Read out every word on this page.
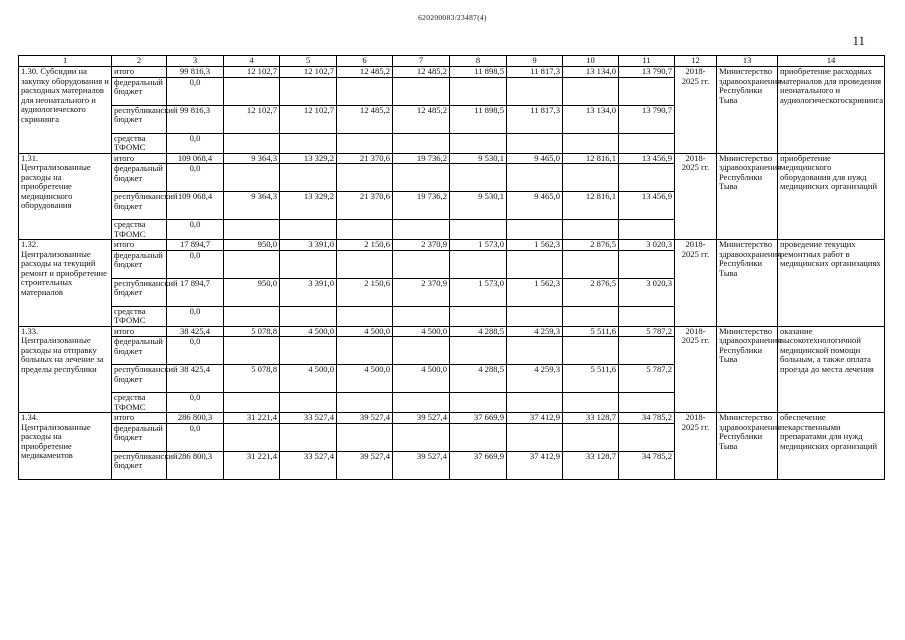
620200083/23487(4)
11
1	2	3	4	5	6	7	8	9	10	11	12	13	14
1.30. Субсидии на закупку оборудования и расходных материалов для неонатального и аудиологического скрининга	итого	99 816,3	12 102,7	12 102,7	12 485,2	12 485,2	11 898,5	11 817,3	13 134,0	13 790,7	2018-2025 гг.	Министерство здравоохранения Республики Тыва	приобретение расходных материалов для проведения неонатального и аудиологическогоскрининга
	федеральный бюджет	0,0											
	республиканский бюджет	99 816,3	12 102,7	12 102,7	12 485,2	12 485,2	11 898,5	11 817,3	13 134,0	13 790,7			
	средства ТФОМС	0,0											
1.31. Централизованные расходы на приобретение медицинского оборудования	итого	109 068,4	9 364,3	13 329,2	21 370,6	19 736,2	9 530,1	9 465,0	12 816,1	13 456,9	2018-2025 гг.	Министерство здравоохранения Республики Тыва	приобретение медицинского оборудования для нужд медицинских организаций
	федеральный бюджет	0,0											
	республиканский бюджет	109 068,4	9 364,3	13 329,2	21 370,6	19 736,2	9 530,1	9 465,0	12 816,1	13 456,9			
	средства ТФОМС	0,0											
1.32. Централизованные расходы на текущий ремонт и приобретение строительных материалов	итого	17 894,7	950,0	3 391,0	2 150,6	2 370,9	1 573,0	1 562,3	2 876,5	3 020,3	2018-2025 гг.	Министерство здравоохранения Республики Тыва	проведение текущих ремонтных работ в медицинских организациях
	федеральный бюджет	0,0											
	республиканский бюджет	17 894,7	950,0	3 391,0	2 150,6	2 370,9	1 573,0	1 562,3	2 876,5	3 020,3			
	средства ТФОМС	0,0											
1.33. Централизованные расходы на отправку больных на лечение за пределы республики	итого	38 425,4	5 078,8	4 500,0	4 500,0	4 500,0	4 288,5	4 259,3	5 511,6	5 787,2	2018-2025 гг.	Министерство здравоохранения Республики Тыва	оказание высокотехнологичной медицинской помощи больным, а также оплата проезда до места лечения
	федеральный бюджет	0,0											
	республиканский бюджет	38 425,4	5 078,8	4 500,0	4 500,0	4 500,0	4 288,5	4 259,3	5 511,6	5 787,2			
	средства ТФОМС	0,0											
1.34. Централизованные расходы на приобретение медикаментов	итого	286 800,3	31 221,4	33 527,4	39 527,4	39 527,4	37 669,9	37 412,9	33 128,7	34 785,2	2018-2025 гг.	Министерство здравоохранения Республики Тыва	обеспечение лекарственными препаратами для нужд медицинских организаций
	федеральный бюджет	0,0											
	республиканский бюджет	286 800,3	31 221,4	33 527,4	39 527,4	39 527,4	37 669,9	37 412,9	33 128,7	34 785,2			
